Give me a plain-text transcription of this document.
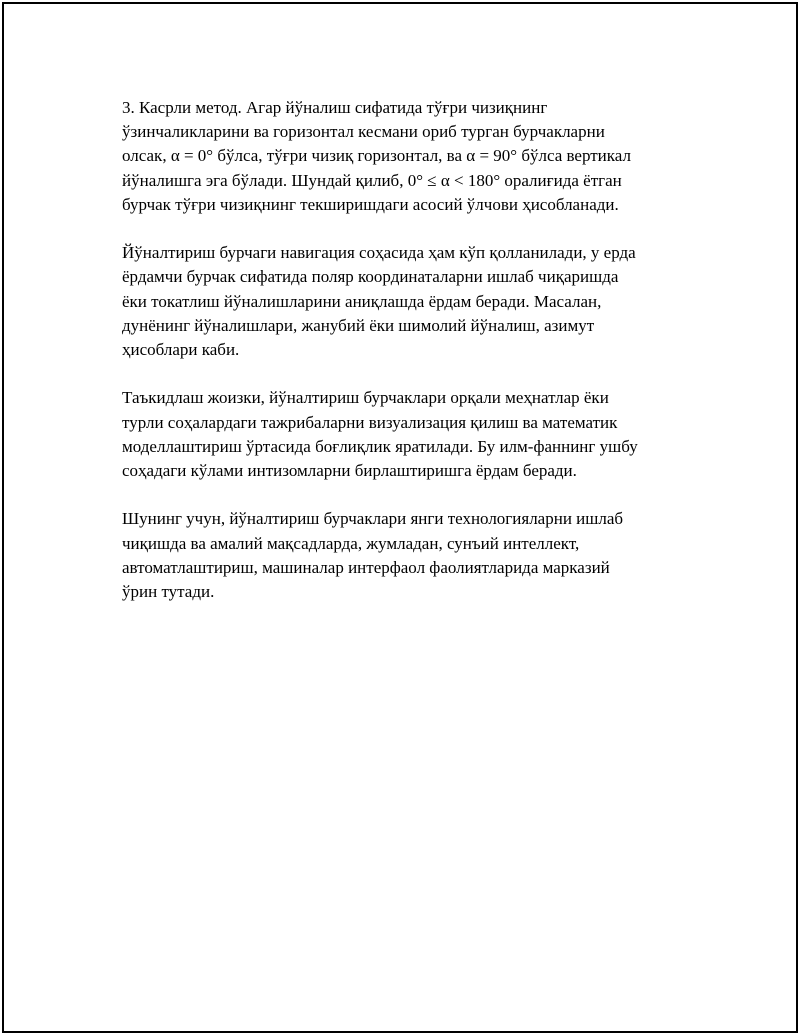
3. Касрли метод. Агар йўналиш сифатида тўғри чизиқнинг
ўзинчаликларини ва горизонтал кесмани ориб турган бурчакларни
олсак, α = 0° бўлса, тўғри чизиқ горизонтал, ва α = 90° бўлса вертикал
йўналишга эга бўлади. Шундай қилиб, 0° ≤ α < 180° оралиғида ётган
бурчак тўғри чизиқнинг текширишдаги асосий ўлчови ҳисобланади.

Йўналтириш бурчаги навигация соҳасида ҳам кўп қолланилади, у ерда
ёрдамчи бурчак сифатида поляр координаталарни ишлаб чиқаришда
ёки токатлиш йўналишларини аниқлашда ёрдам беради. Масалан,
дунёнинг йўналишлари, жанубий ёки шимолий йўналиш, азимут
ҳисоблари каби.

Таъкидлаш жоизки, йўналтириш бурчаклари орқали меҳнатлар ёки
турли соҳалардаги тажрибаларни визуализация қилиш ва математик
моделлаштириш ўртасида боғлиқлик яратилади. Бу илм-фаннинг ушбу
соҳадаги кўлами интизомларни бирлаштиришга ёрдам беради.

Шунинг учун, йўналтириш бурчаклари янги технологияларни ишлаб
чиқишда ва амалий мақсадларда, жумладан, сунъий интеллект,
автоматлаштириш, машиналар интерфаол фаолиятларида марказий
ўрин тутади.
